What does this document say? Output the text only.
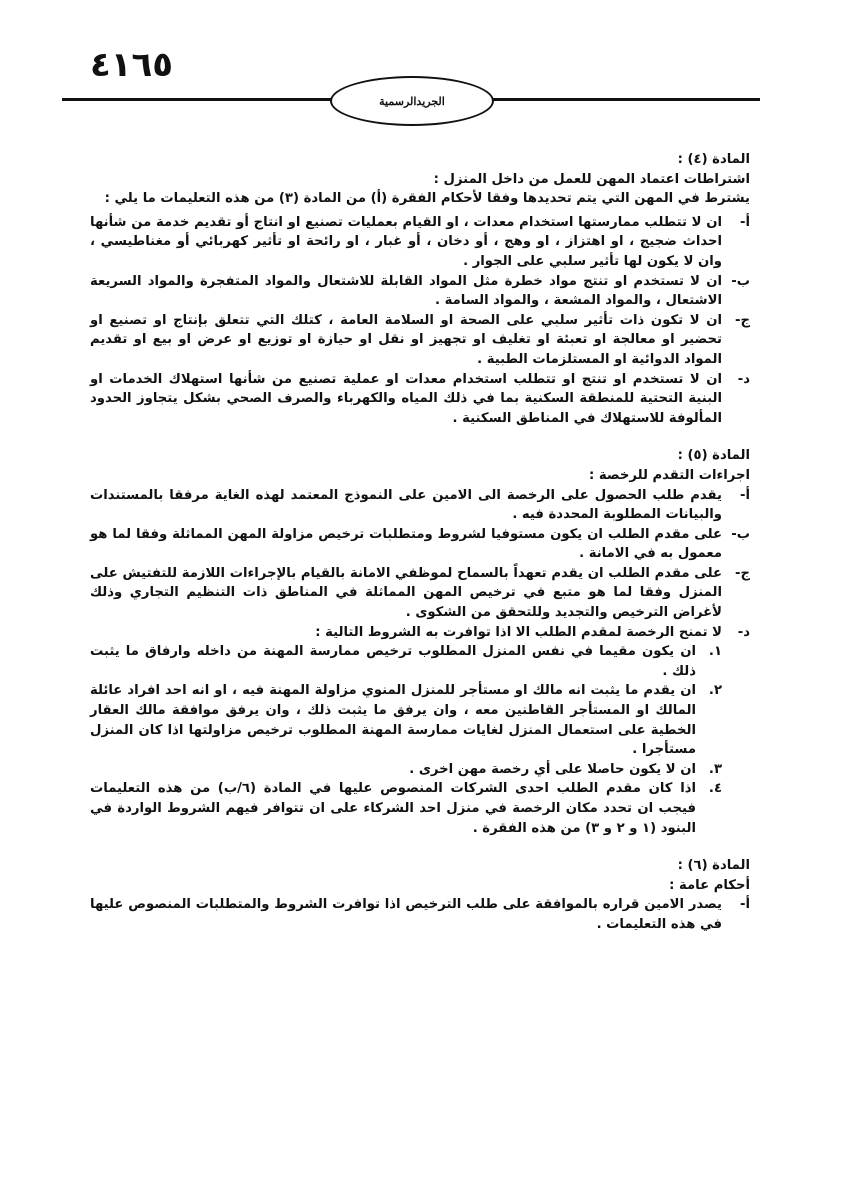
٤١٦٥
الجريدالرسمية

المادة (٤) :

اشتراطات اعتماد المهن للعمل من داخل المنزل :

يشترط في المهن التي يتم تحديدها وفقا لأحكام الفقرة (أ) من المادة (٣) من هذه التعليمات ما يلي :

أ-
ان لا تتطلب ممارستها استخدام معدات ، او القيام بعمليات تصنيع او انتاج أو تقديم خدمة من شأنها احداث ضجيج ، او اهتزاز ، او وهج ، أو دخان ، أو غبار ، او رائحة او تأثير كهربائي أو مغناطيسي ، وان لا يكون لها تأثير سلبي على الجوار .
ب-
ان لا تستخدم او تنتج مواد خطرة مثل المواد القابلة للاشتعال والمواد المتفجرة والمواد السريعة الاشتعال ، والمواد المشعة ، والمواد السامة .
ج-
ان لا تكون ذات تأثير سلبي على الصحة او السلامة العامة ، كتلك التي تتعلق بإنتاج او تصنيع او تحضير او معالجة او تعبئة او تغليف او تجهيز او نقل او حيازة او توزيع او عرض او بيع او تقديم المواد الدوائية او المستلزمات الطبية .
د-
ان لا تستخدم او تنتج او تتطلب استخدام معدات او عملية تصنيع من شأنها استهلاك الخدمات او البنية التحتية للمنطقة السكنية بما في ذلك المياه والكهرباء والصرف الصحي بشكل يتجاوز الحدود المألوفة للاستهلاك في المناطق السكنية .

المادة (٥) :

اجراءات التقدم للرخصة :

أ-
يقدم طلب الحصول على الرخصة الى الامين على النموذج المعتمد لهذه الغاية مرفقا بالمستندات والبيانات المطلوبة المحددة فيه .
ب-
على مقدم الطلب ان يكون مستوفيا لشروط ومتطلبات ترخيص مزاولة المهن المماثلة وفقا لما هو معمول به في الامانة .
ج-
على مقدم الطلب ان يقدم تعهداً بالسماح لموظفي الامانة بالقيام بالإجراءات اللازمة للتفتيش على المنزل وفقا لما هو متبع في ترخيص المهن المماثلة في المناطق ذات التنظيم التجاري وذلك لأغراض الترخيص والتجديد وللتحقق من الشكوى .
د-
لا تمنح الرخصة لمقدم الطلب الا اذا توافرت به الشروط التالية :
١.
ان يكون مقيما في نفس المنزل المطلوب ترخيص ممارسة المهنة من داخله وارفاق ما يثبت ذلك .
٢.
ان يقدم ما يثبت انه مالك او مستأجر للمنزل المنوي مزاولة المهنة فيه ، او انه احد افراد عائلة المالك او المستأجر القاطنين معه ، وان يرفق ما يثبت ذلك ، وان يرفق موافقة مالك العقار الخطية على استعمال المنزل لغايات ممارسة المهنة المطلوب ترخيص مزاولتها اذا كان المنزل مستأجرا .
٣.
ان لا يكون حاصلا على أي رخصة مهن اخرى .
٤.
اذا كان مقدم الطلب احدى الشركات المنصوص عليها في المادة (٦/ب) من هذه التعليمات فيجب ان تحدد مكان الرخصة في منزل احد الشركاء على ان تتوافر فيهم الشروط الواردة في البنود (١ و ٢ و ٣) من هذه الفقرة .

المادة (٦) :

أحكام عامة :

أ-
يصدر الامين قراره بالموافقة على طلب الترخيص اذا توافرت الشروط والمتطلبات المنصوص عليها في هذه التعليمات .
